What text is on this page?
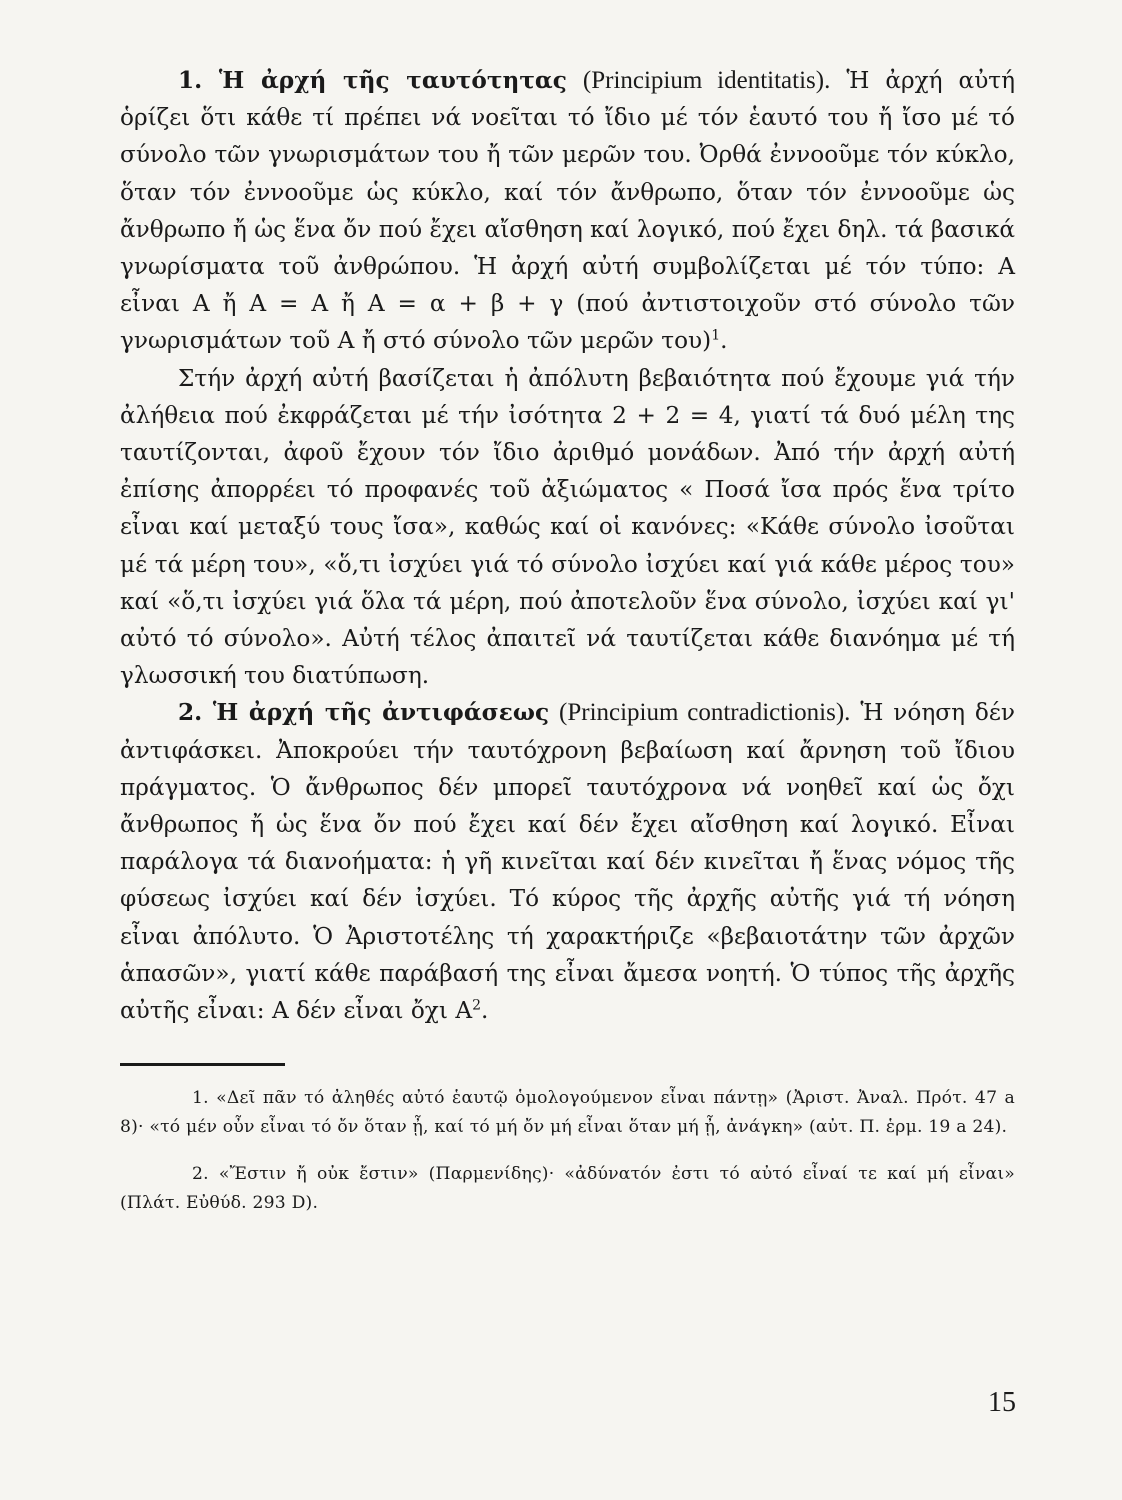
1. Ἡ ἀρχή τῆς ταυτότητας (Principium identitatis). Ἡ ἀρχή αὐτή ὁρίζει ὅτι κάθε τί πρέπει νά νοεῖται τό ἴδιο μέ τόν ἑαυτό του ἤ ἴσο μέ τό σύνολο τῶν γνωρισμάτων του ἤ τῶν μερῶν του. Ὀρθά ἐννοοῦμε τόν κύκλο, ὅταν τόν ἐννοοῦμε ὡς κύκλο, καί τόν ἄνθρωπο, ὅταν τόν ἐννοοῦμε ὡς ἄνθρωπο ἤ ὡς ἕνα ὄν πού ἔχει αἴσθηση καί λογικό, πού ἔχει δηλ. τά βασικά γνωρίσματα τοῦ ἀνθρώπου. Ἡ ἀρχή αὐτή συμβολίζεται μέ τόν τύπο: Α εἶναι Α ἤ Α = Α ἤ Α = α + β + γ (πού ἀντιστοιχοῦν στό σύνολο τῶν γνωρισμάτων τοῦ Α ἤ στό σύνολο τῶν μερῶν του)$^1$.

Στήν ἀρχή αὐτή βασίζεται ἡ ἀπόλυτη βεβαιότητα πού ἔχουμε γιά τήν ἀλήθεια πού ἐκφράζεται μέ τήν ἰσότητα 2 + 2 = 4, γιατί τά δυό μέλη της ταυτίζονται, ἀφοῦ ἔχουν τόν ἴδιο ἀριθμό μονάδων. Ἀπό τήν ἀρχή αὐτή ἐπίσης ἀπορρέει τό προφανές τοῦ ἀξιώματος « Ποσά ἴσα πρός ἕνα τρίτο εἶναι καί μεταξύ τους ἴσα», καθώς καί οἱ κανόνες: «Κάθε σύνολο ἰσοῦται μέ τά μέρη του», «ὅ,τι ἰσχύει γιά τό σύνολο ἰσχύει καί γιά κάθε μέρος του» καί «ὅ,τι ἰσχύει γιά ὅλα τά μέρη, πού ἀποτελοῦν ἕνα σύνολο, ἰσχύει καί γι' αὐτό τό σύνολο». Αὐτή τέλος ἀπαιτεῖ νά ταυτίζεται κάθε διανόημα μέ τή γλωσσική του διατύπωση.

2. Ἡ ἀρχή τῆς ἀντιφάσεως (Principium contradictionis). Ἡ νόηση δέν ἀντιφάσκει. Ἀποκρούει τήν ταυτόχρονη βεβαίωση καί ἄρνηση τοῦ ἴδιου πράγματος. Ὁ ἄνθρωπος δέν μπορεῖ ταυτόχρονα νά νοηθεῖ καί ὡς ὄχι ἄνθρωπος ἤ ὡς ἕνα ὄν πού ἔχει καί δέν ἔχει αἴσθηση καί λογικό. Εἶναι παράλογα τά διανοήματα: ἡ γῆ κινεῖται καί δέν κινεῖται ἤ ἕνας νόμος τῆς φύσεως ἰσχύει καί δέν ἰσχύει. Τό κύρος τῆς ἀρχῆς αὐτῆς γιά τή νόηση εἶναι ἀπόλυτο. Ὁ Ἀριστοτέλης τή χαρακτήριζε «βεβαιοτάτην τῶν ἀρχῶν ἁπασῶν», γιατί κάθε παράβασή της εἶναι ἄμεσα νοητή. Ὁ τύπος τῆς ἀρχῆς αὐτῆς εἶναι: Α δέν εἶναι ὄχι $A^2$.

1. «Δεῖ πᾶν τό ἀληθές αὐτό ἑαυτῷ ὁμολογούμενον εἶναι πάντῃ» (Ἀριστ. Ἀναλ. Πρότ. 47 a 8)· «τό μέν οὖν εἶναι τό ὄν ὅταν ᾖ, καί τό μή ὄν μή εἶναι ὅταν μή ᾖ, ἀνάγκη» (αὐτ. Π. ἑρμ. 19 a 24).

2. «Ἔστιν ἤ οὐκ ἔστιν» (Παρμενίδης)· «ἀδύνατόν ἐστι τό αὐτό εἶναί τε καί μή εἶναι» (Πλάτ. Εὐθύδ. 293 D).

15
